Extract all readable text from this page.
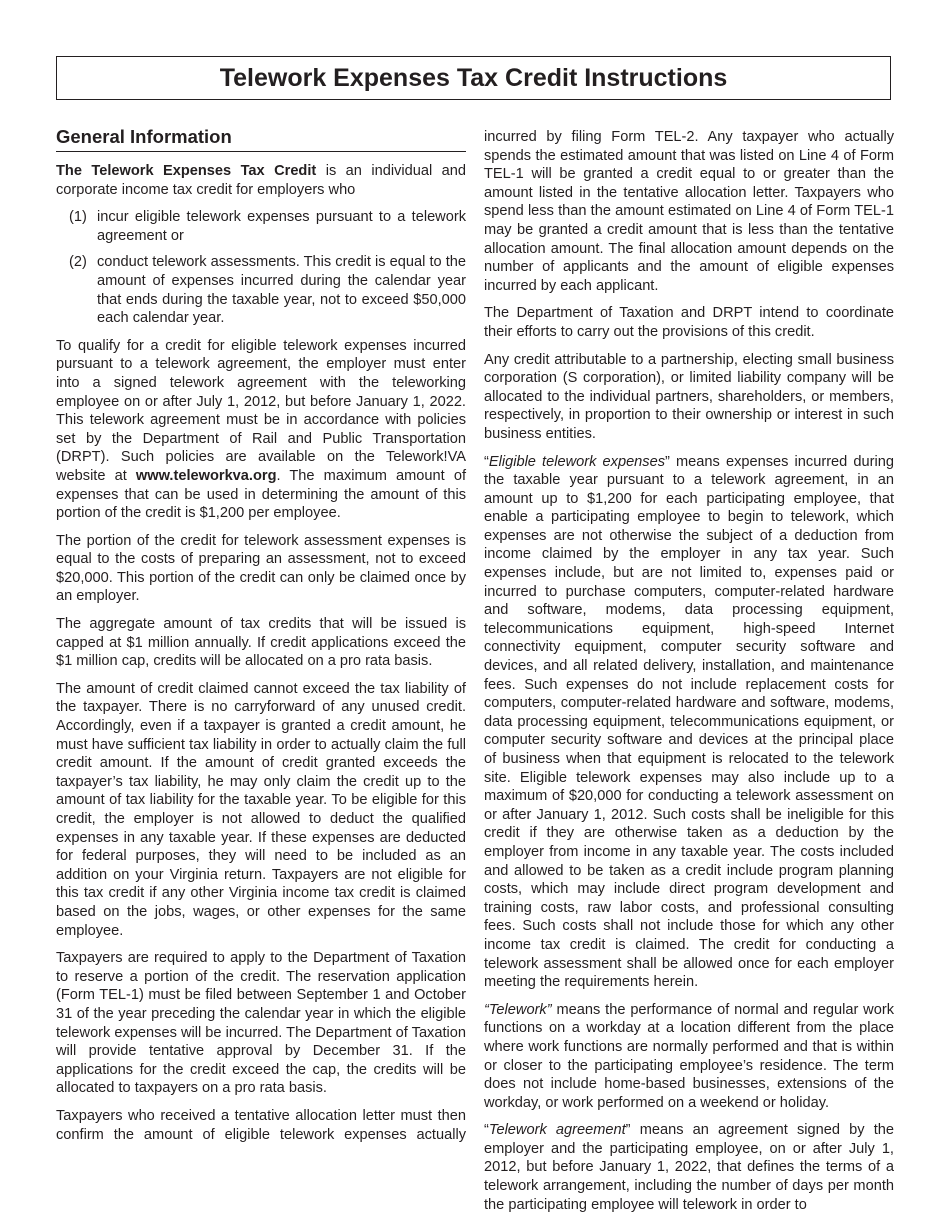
Telework Expenses Tax Credit Instructions
General Information

The Telework Expenses Tax Credit is an individual and corporate income tax credit for employers who

(1) incur eligible telework expenses pursuant to a telework agreement or
(2) conduct telework assessments. This credit is equal to the amount of expenses incurred during the calendar year that ends during the taxable year, not to exceed $50,000 each calendar year.

To qualify for a credit for eligible telework expenses incurred pursuant to a telework agreement, the employer must enter into a signed telework agreement with the teleworking employee on or after July 1, 2012, but before January 1, 2022. This telework agreement must be in accordance with policies set by the Department of Rail and Public Transportation (DRPT). Such policies are available on the Telework!VA website at www.teleworkva.org. The maximum amount of expenses that can be used in determining the amount of this portion of the credit is $1,200 per employee.

The portion of the credit for telework assessment expenses is equal to the costs of preparing an assessment, not to exceed $20,000. This portion of the credit can only be claimed once by an employer.

The aggregate amount of tax credits that will be issued is capped at $1 million annually. If credit applications exceed the $1 million cap, credits will be allocated on a pro rata basis.

The amount of credit claimed cannot exceed the tax liability of the taxpayer. There is no carryforward of any unused credit. Accordingly, even if a taxpayer is granted a credit amount, he must have sufficient tax liability in order to actually claim the full credit amount. If the amount of credit granted exceeds the taxpayer’s tax liability, he may only claim the credit up to the amount of tax liability for the taxable year. To be eligible for this credit, the employer is not allowed to deduct the qualified expenses in any taxable year. If these expenses are deducted for federal purposes, they will need to be included as an addition on your Virginia return. Taxpayers are not eligible for this tax credit if any other Virginia income tax credit is claimed based on the jobs, wages, or other expenses for the same employee.

Taxpayers are required to apply to the Department of Taxation to reserve a portion of the credit. The reservation application (Form TEL-1) must be filed between September 1 and October 31 of the year preceding the calendar year in which the eligible telework expenses will be incurred. The Department of Taxation will provide tentative approval by December 31. If the applications for the credit exceed the cap, the credits will be allocated to taxpayers on a pro rata basis.

Taxpayers who received a tentative allocation letter must then confirm the amount of eligible telework expenses actually

incurred by filing Form TEL-2. Any taxpayer who actually spends the estimated amount that was listed on Line 4 of Form TEL-1 will be granted a credit equal to or greater than the amount listed in the tentative allocation letter. Taxpayers who spend less than the amount estimated on Line 4 of Form TEL-1 may be granted a credit amount that is less than the tentative allocation amount. The final allocation amount depends on the number of applicants and the amount of eligible expenses incurred by each applicant.

The Department of Taxation and DRPT intend to coordinate their efforts to carry out the provisions of this credit.

Any credit attributable to a partnership, electing small business corporation (S corporation), or limited liability company will be allocated to the individual partners, shareholders, or members, respectively, in proportion to their ownership or interest in such business entities.

“Eligible telework expenses” means expenses incurred during the taxable year pursuant to a telework agreement, in an amount up to $1,200 for each participating employee, that enable a participating employee to begin to telework, which expenses are not otherwise the subject of a deduction from income claimed by the employer in any tax year. Such expenses include, but are not limited to, expenses paid or incurred to purchase computers, computer-related hardware and software, modems, data processing equipment, telecommunications equipment, high-speed Internet connectivity equipment, computer security software and devices, and all related delivery, installation, and maintenance fees. Such expenses do not include replacement costs for computers, computer-related hardware and software, modems, data processing equipment, telecommunications equipment, or computer security software and devices at the principal place of business when that equipment is relocated to the telework site. Eligible telework expenses may also include up to a maximum of $20,000 for conducting a telework assessment on or after January 1, 2012. Such costs shall be ineligible for this credit if they are otherwise taken as a deduction by the employer from income in any taxable year. The costs included and allowed to be taken as a credit include program planning costs, which may include direct program development and training costs, raw labor costs, and professional consulting fees. Such costs shall not include those for which any other income tax credit is claimed. The credit for conducting a telework assessment shall be allowed once for each employer meeting the requirements herein.

“Telework” means the performance of normal and regular work functions on a workday at a location different from the place where work functions are normally performed and that is within or closer to the participating employee’s residence. The term does not include home-based businesses, extensions of the workday, or work performed on a weekend or holiday.

“Telework agreement” means an agreement signed by the employer and the participating employee, on or after July 1, 2012, but before January 1, 2022, that defines the terms of a telework arrangement, including the number of days per month the participating employee will telework in order to
